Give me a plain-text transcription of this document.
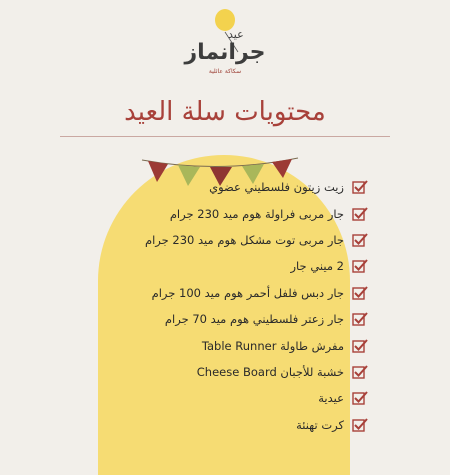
عيد
جرانماز
سكاكة عائلية
محتويات سلة العيد
زيت زيتون فلسطيني عضوي
جار مربى فراولة هوم ميد 230 جرام
جار مربى توت مشكل هوم ميد 230 جرام
2 ميني جار
جار دبس فلفل أحمر هوم ميد 100 جرام
جار زعتر فلسطيني هوم ميد 70 جرام
مفرش طاولة Table Runner
خشبة للأجبان Cheese Board
عيدية
كرت تهنئة
